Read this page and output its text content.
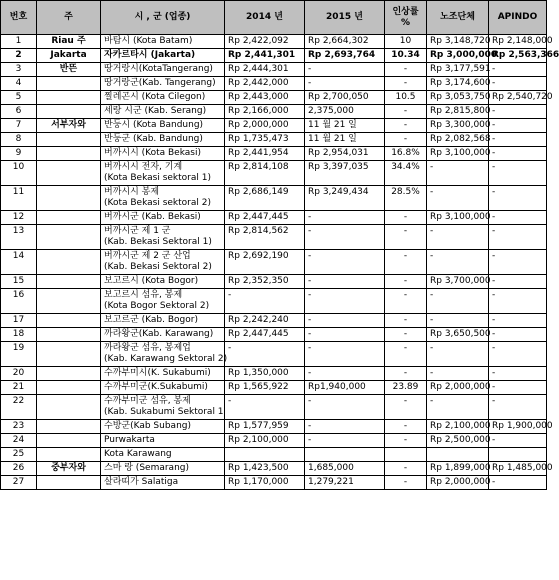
번호	주	시 , 군 (업종)	2014 년	2015 년	인상률 %	노조단체	APINDO
1	Riau 주	바탐시 (Kota Batam)	Rp 2,422,092	Rp 2,664,302	10	Rp 3,148,720	Rp 2,148,000
2	Jakarta	자카르타시 (Jakarta)	Rp 2,441,301	Rp 2,693,764	10.34	Rp 3,000,000	Rp 2,563,366
3	반뜬	땅거랑시(KotaTangerang)	Rp 2,444,301	-	-	Rp 3,177,591	-
4		땅거랑군(Kab. Tangerang)	Rp 2,442,000	-	-	Rp 3,174,600	-
5		찔레곤시 (Kota Cilegon)	Rp 2,443,000	Rp 2,700,050	10.5	Rp 3,053,750	Rp 2,540,720
6		세랑 시군 (Kab. Serang)	Rp 2,166,000	2,375,000	-	Rp 2,815,800	-
7	서부자와	반둥시 (Kota Bandung)	Rp 2,000,000	11 월 21 일	-	Rp 3,300,000	-
8		반둥군 (Kab. Bandung)	Rp 1,735,473	11 월 21 일	-	Rp 2,082,568	-
9		버까시시 (Kota Bekasi)	Rp 2,441,954	Rp 2,954,031	16.8%	Rp 3,100,000	-
10		버까시시 전자, 기계
(Kota Bekasi sektoral 1)	Rp 2,814,108	Rp 3,397,035	34.4%	-	-
11		버까시시 봉제
(Kota Bekasi sektoral 2)	Rp 2,686,149	Rp 3,249,434	28.5%	-	-
12		버까시군 (Kab. Bekasi)	Rp 2,447,445	-	-	Rp 3,100,000	-
13		버까시군 제 1 군
(Kab. Bekasi Sektoral 1)	Rp 2,814,562	-	-	-	-
14		버까시군 제 2 군 산업
(Kab. Bekasi Sektoral 2)	Rp 2,692,190	-	-	-	-
15		보고르시 (Kota Bogor)	Rp 2,352,350	-	-	Rp 3,700,000	-
16		보고르시 섬유, 봉제
(Kota Bogor Sektoral 2)	-	-	-	-	-
17		보고르군 (Kab. Bogor)	Rp 2,242,240	-	-	-	-
18		까라왕군(Kab. Karawang)	Rp 2,447,445	-	-	Rp 3,650,500	-
19		까라왕군 섬유, 봉제업
(Kab. Karawang Sektoral 2)	-	-	-	-	-
20		수까부미시(K. Sukabumi)	Rp 1,350,000	-	-	-	-
21		수까부미군(K.Sukabumi)	Rp 1,565,922	Rp1,940,000	23.89	Rp 2,000,000	-
22		수까부미군 섬유, 봉제
(Kab. Sukabumi Sektoral 1	-	-	-	-	-
23		수방군(Kab Subang)	Rp 1,577,959	-	-	Rp 2,100,000	Rp 1,900,000
24		Purwakarta	Rp 2,100,000	-	-	Rp 2,500,000	-
25		Kota Karawang					

26	중부자와	스마 랑 (Semarang)	Rp 1,423,500	1,685,000	-	Rp 1,899,000	Rp 1,485,000
27		살라띠가 Salatiga	Rp 1,170,000	1,279,221	-	Rp 2,000,000	-
